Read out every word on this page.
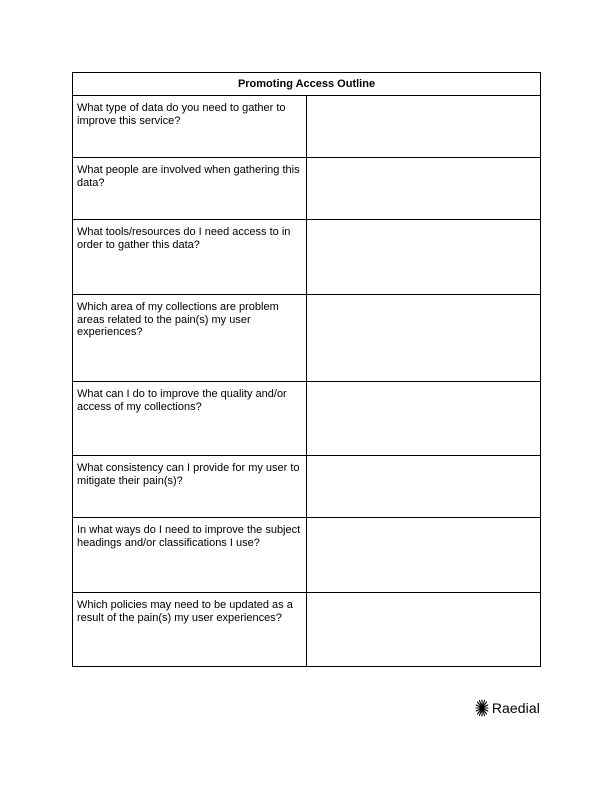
Promoting Access Outline	
What type of data do you need to gather to improve this service?	
What people are involved when gathering this data?	
What tools/resources do I need access to in order to gather this data?	
Which area of my collections are problem areas related to the pain(s) my user experiences?	
What can I do to improve the quality and/or access of my collections?	
What consistency can I provide for my user to mitigate their pain(s)?	
In what ways do I need to improve the subject headings and/or classifications I use?	
Which policies may need to be updated as a result of the pain(s) my user experiences?	
Raedial
